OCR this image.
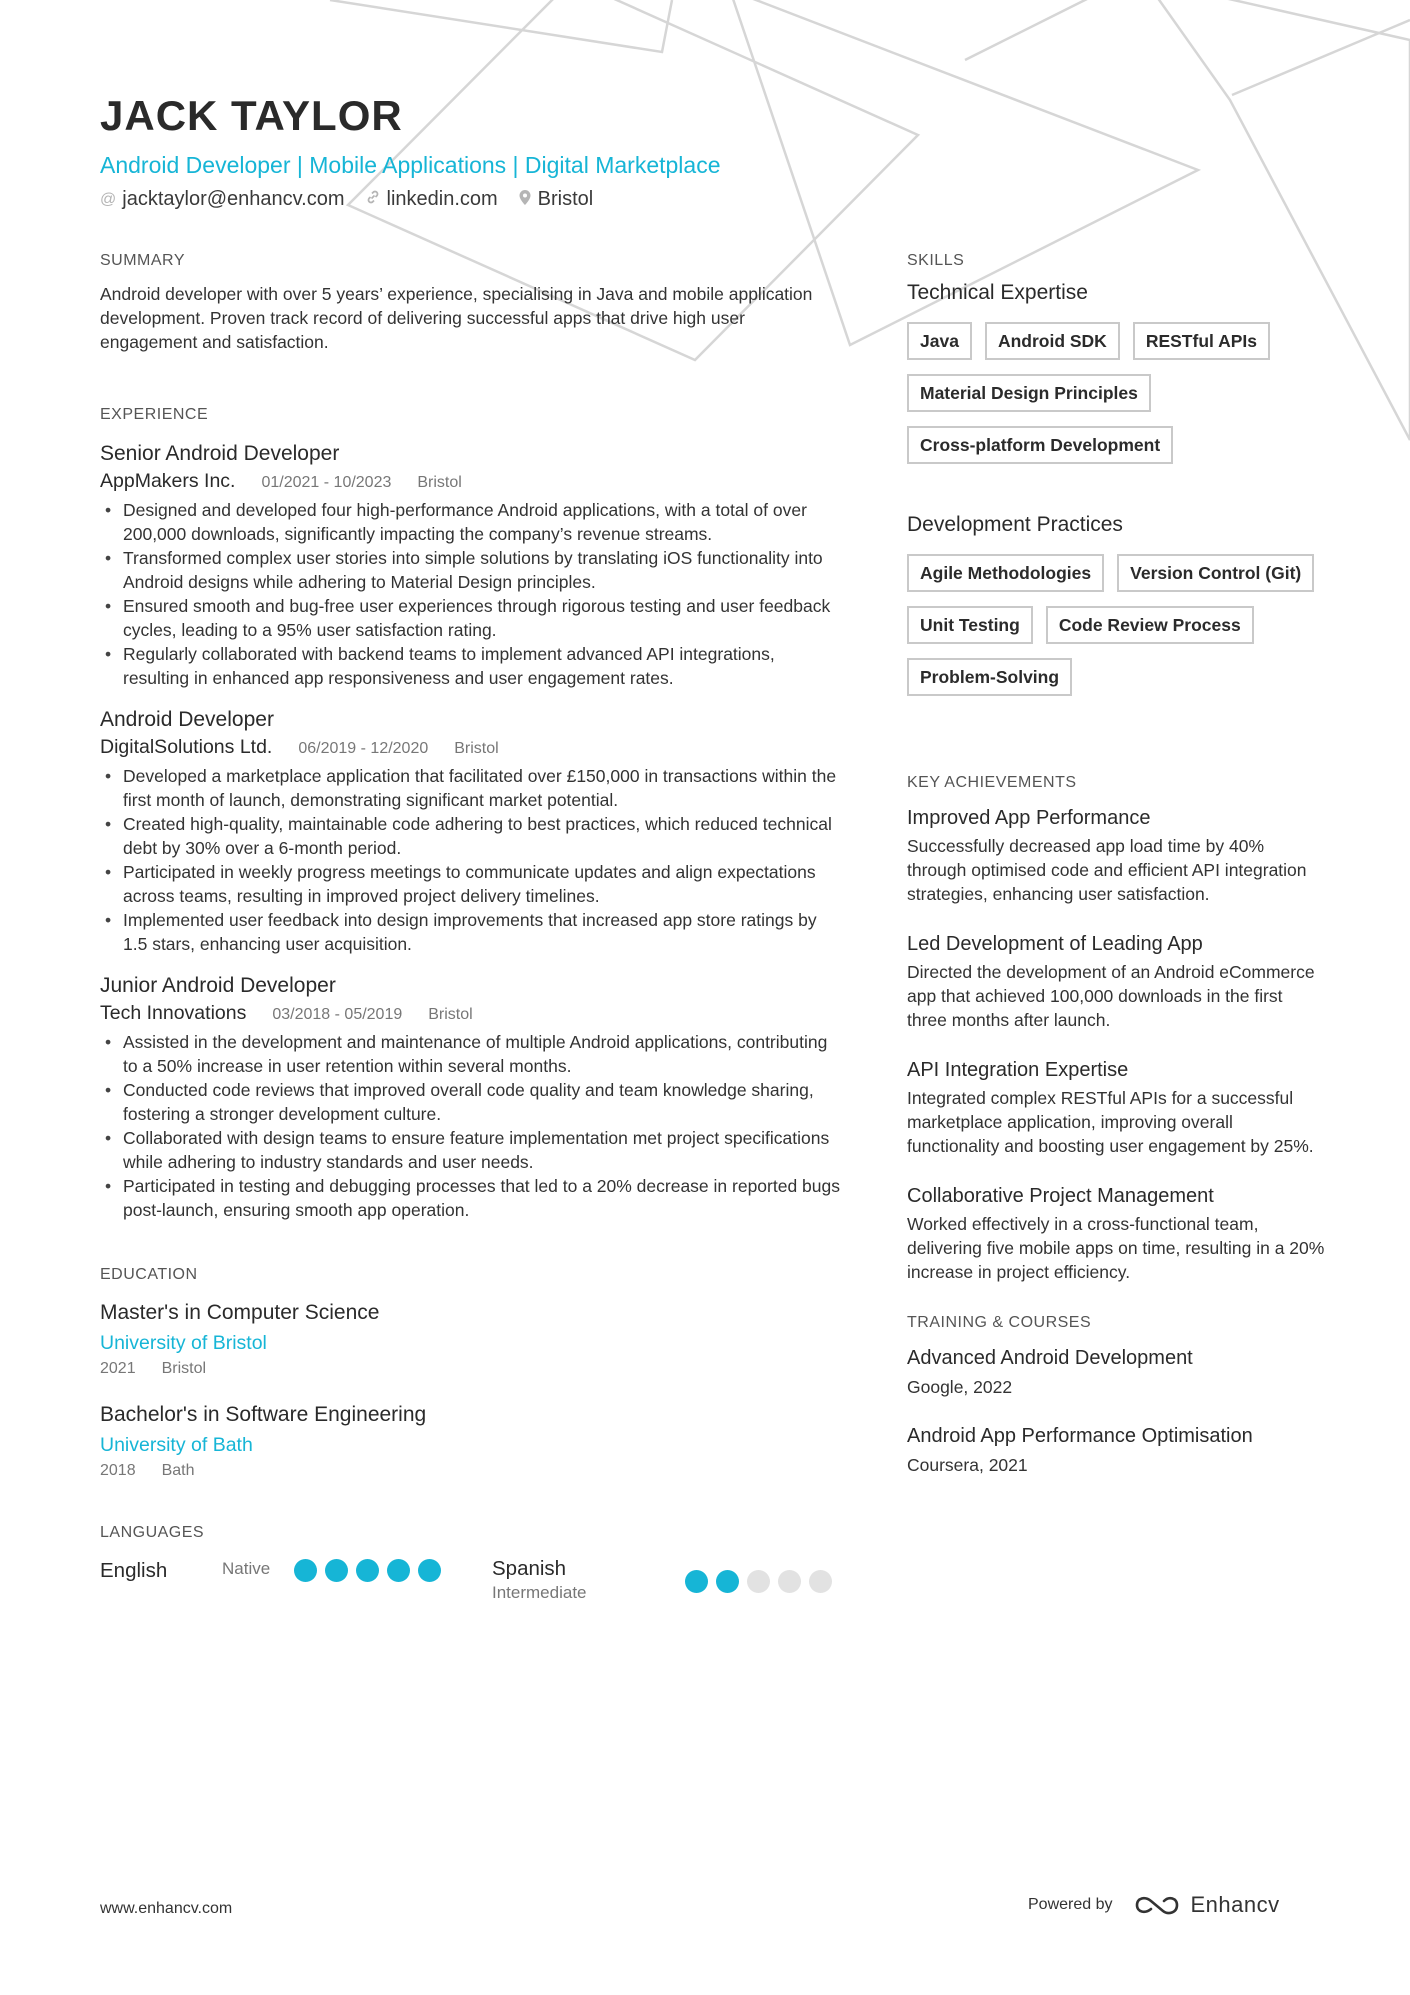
JACK TAYLOR
Android Developer | Mobile Applications | Digital Marketplace
@ jacktaylor@enhancv.com linkedin.com Bristol
SUMMARY

Android developer with over 5 years’ experience, specialising in Java and mobile application development. Proven track record of delivering successful apps that drive high user engagement and satisfaction.

EXPERIENCE
Senior Android Developer
AppMakers Inc. 01/2021 - 10/2023 Bristol
• Designed and developed four high-performance Android applications, with a total of over 200,000 downloads, significantly impacting the company’s revenue streams.
• Transformed complex user stories into simple solutions by translating iOS functionality into Android designs while adhering to Material Design principles.
• Ensured smooth and bug-free user experiences through rigorous testing and user feedback cycles, leading to a 95% user satisfaction rating.
• Regularly collaborated with backend teams to implement advanced API integrations, resulting in enhanced app responsiveness and user engagement rates.
Android Developer
DigitalSolutions Ltd. 06/2019 - 12/2020 Bristol
• Developed a marketplace application that facilitated over £150,000 in transactions within the first month of launch, demonstrating significant market potential.
• Created high-quality, maintainable code adhering to best practices, which reduced technical debt by 30% over a 6-month period.
• Participated in weekly progress meetings to communicate updates and align expectations across teams, resulting in improved project delivery timelines.
• Implemented user feedback into design improvements that increased app store ratings by 1.5 stars, enhancing user acquisition.
Junior Android Developer
Tech Innovations 03/2018 - 05/2019 Bristol
• Assisted in the development and maintenance of multiple Android applications, contributing to a 50% increase in user retention within several months.
• Conducted code reviews that improved overall code quality and team knowledge sharing, fostering a stronger development culture.
• Collaborated with design teams to ensure feature implementation met project specifications while adhering to industry standards and user needs.
• Participated in testing and debugging processes that led to a 20% decrease in reported bugs post-launch, ensuring smooth app operation.
EDUCATION
Master's in Computer Science
University of Bristol
2021 Bristol
Bachelor's in Software Engineering
University of Bath
2018 Bath
LANGUAGES
English	Native	Spanish
Intermediate
SKILLS
Technical Expertise
Java	Android SDK	RESTful APIs
Material Design Principles
Cross-platform Development
Development Practices
Agile Methodologies	Version Control (Git)
Unit Testing	Code Review Process
Problem-Solving
KEY ACHIEVEMENTS
Improved App Performance

Successfully decreased app load time by 40% through optimised code and efficient API integration strategies, enhancing user satisfaction.

Led Development of Leading App

Directed the development of an Android eCommerce app that achieved 100,000 downloads in the first three months after launch.

API Integration Expertise

Integrated complex RESTful APIs for a successful marketplace application, improving overall functionality and boosting user engagement by 25%.

Collaborative Project Management

Worked effectively in a cross-functional team, delivering five mobile apps on time, resulting in a 20% increase in project efficiency.

TRAINING & COURSES
Advanced Android Development
Google, 2022
Android App Performance Optimisation
Coursera, 2021
www.enhancv.com	Powered by	Enhancv
